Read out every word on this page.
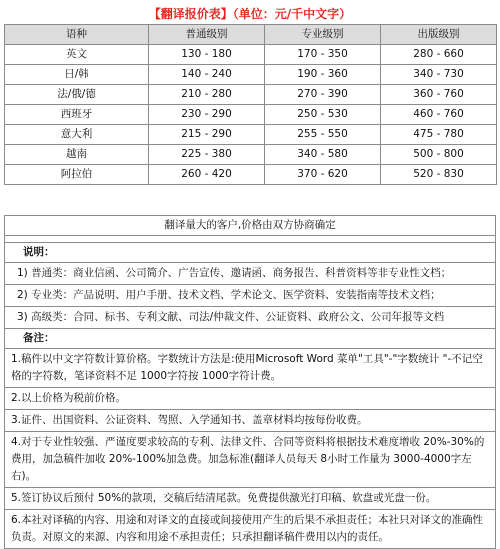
【翻译报价表】（单位：元/千中文字）
语种	普通级别	专业级别	出版级别
英文	130 - 180	170 - 350	280 - 660
日/韩	140 - 240	190 - 360	340 - 730
法/俄/德	210 - 280	270 - 390	360 - 760
西班牙	230 - 290	250 - 530	460 - 760
意大利	215 - 290	255 - 550	475 - 780
越南	225 - 380	340 - 580	500 - 800
阿拉伯	260 - 420	370 - 620	520 - 830
翻译量大的客户,价格由双方协商确定

说明：
1) 普通类：商业信函、公司简介、广告宣传、邀请函、商务报告、科普资料等非专业性文档；
2) 专业类：产品说明、用户手册、技术文档、学术论文、医学资料、安装指南等技术文档；
3) 高级类：合同、标书、专利文献、司法/仲裁文件、公证资料、政府公文、公司年报等文档
备注：
1.稿件以中文字符数计算价格。字数统计方法是:使用Microsoft Word 菜单"工具"-"字数统计 "-不记空格的字符数，笔译资料不足 1000字符按 1000字符计费。
2.以上价格为税前价格。
3.证件、出国资料、公证资料、驾照、入学通知书、盖章材料均按每份收费。
4.对于专业性较强、严谨度要求较高的专利、法律文件、合同等资料将根据技术难度增收 20%-30%的费用，加急稿件加收 20%-100%加急费。加急标准(翻译人员每天 8小时工作量为 3000-4000字左右)。
5.签订协议后预付 50%的款项，交稿后结清尾款。免费提供激光打印稿、软盘或光盘一份。
6.本社对译稿的内容、用途和对译文的直接或间接使用产生的后果不承担责任；本社只对译文的准确性负责。对原文的来源、内容和用途不承担责任；只承担翻译稿件费用以内的责任。
